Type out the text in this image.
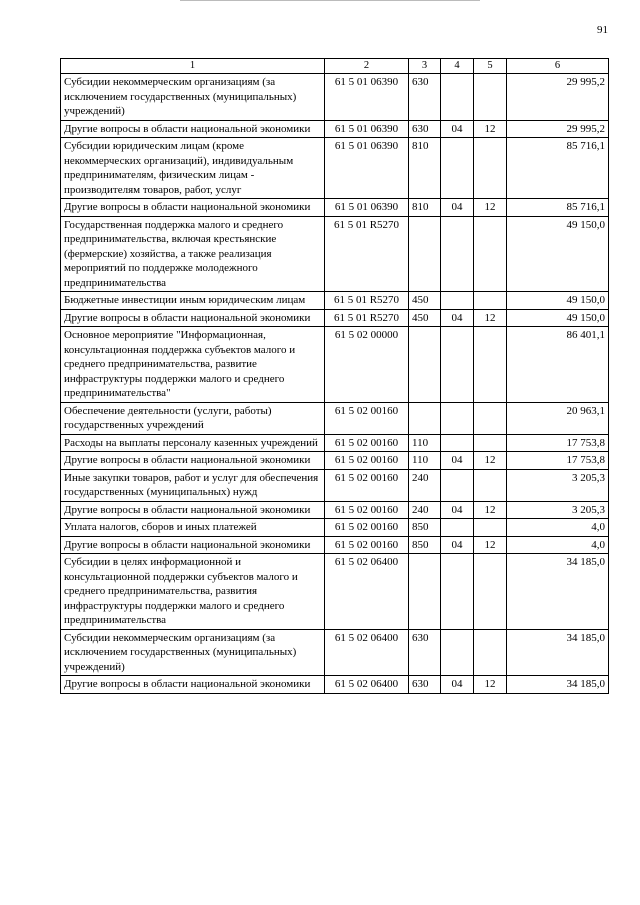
91
1	2	3	4	5	6
Субсидии некоммерческим организациям (за исключением государственных (муниципальных) учреждений)	61 5 01 06390	630			29 995,2
Другие вопросы в области национальной экономики	61 5 01 06390	630	04	12	29 995,2
Субсидии юридическим лицам (кроме некоммерческих организаций), индивидуальным предпринимателям, физическим лицам - производителям товаров, работ, услуг	61 5 01 06390	810			85 716,1
Другие вопросы в области национальной экономики	61 5 01 06390	810	04	12	85 716,1
Государственная поддержка малого и среднего предпринимательства, включая крестьянские (фермерские) хозяйства, а также реализация мероприятий по поддержке молодежного предпринимательства	61 5 01 R5270				49 150,0
Бюджетные инвестиции иным юридическим лицам	61 5 01 R5270	450			49 150,0
Другие вопросы в области национальной экономики	61 5 01 R5270	450	04	12	49 150,0
Основное мероприятие "Информационная, консультационная поддержка субъектов малого и среднего предпринимательства, развитие инфраструктуры поддержки малого и среднего предпринимательства"	61 5 02 00000				86 401,1
Обеспечение деятельности (услуги, работы) государственных учреждений	61 5 02 00160				20 963,1
Расходы на выплаты персоналу казенных учреждений	61 5 02 00160	110			17 753,8
Другие вопросы в области национальной экономики	61 5 02 00160	110	04	12	17 753,8
Иные закупки товаров, работ и услуг для обеспечения государственных (муниципальных) нужд	61 5 02 00160	240			3 205,3
Другие вопросы в области национальной экономики	61 5 02 00160	240	04	12	3 205,3
Уплата налогов, сборов и иных платежей	61 5 02 00160	850			4,0
Другие вопросы в области национальной экономики	61 5 02 00160	850	04	12	4,0
Субсидии в целях информационной и консультационной поддержки субъектов малого и среднего предпринимательства, развития инфраструктуры поддержки малого и среднего предпринимательства	61 5 02 06400				34 185,0
Субсидии некоммерческим организациям (за исключением государственных (муниципальных) учреждений)	61 5 02 06400	630			34 185,0
Другие вопросы в области национальной экономики	61 5 02 06400	630	04	12	34 185,0
